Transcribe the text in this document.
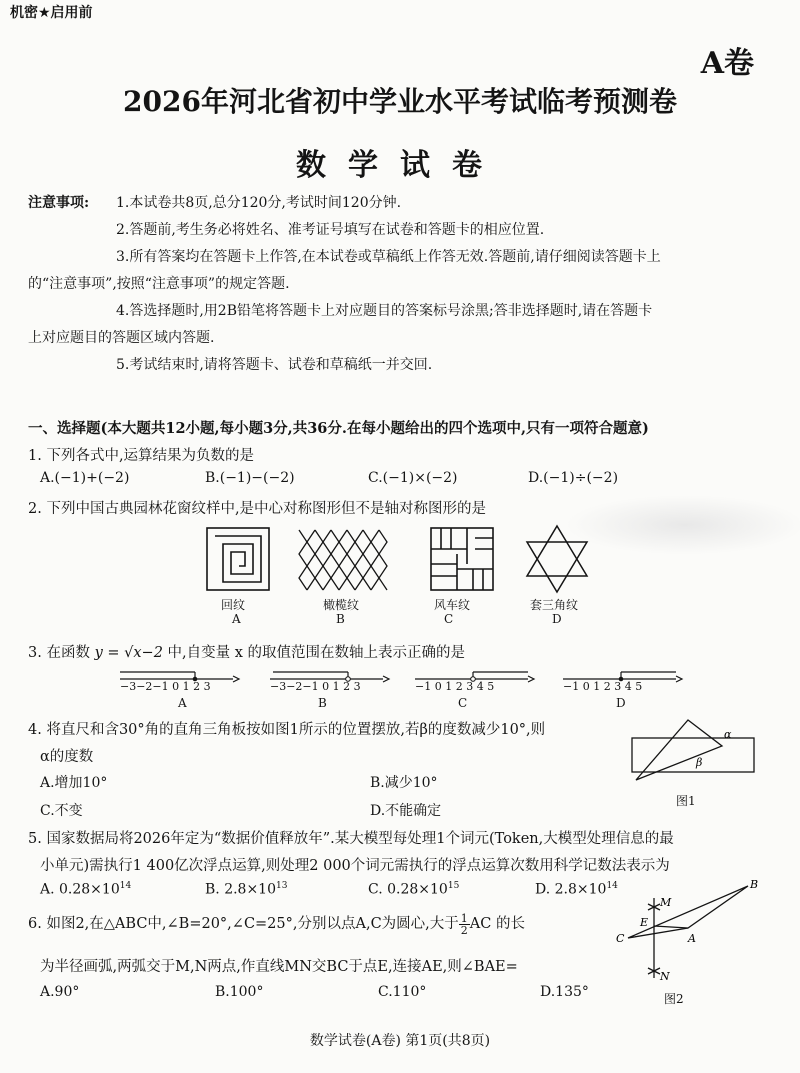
机密★启用前
A卷
2026年河北省初中学业水平考试临考预测卷
数学试卷
注意事项: 1.本试卷共8页,总分120分,考试时间120分钟.
2.答题前,考生务必将姓名、准考证号填写在试卷和答题卡的相应位置.
3.所有答案均在答题卡上作答,在本试卷或草稿纸上作答无效.答题前,请仔细阅读答题卡上
的“注意事项”,按照“注意事项”的规定答题.
4.答选择题时,用2B铅笔将答题卡上对应题目的答案标号涂黑;答非选择题时,请在答题卡
上对应题目的答题区域内答题.
5.考试结束时,请将答题卡、试卷和草稿纸一并交回.
一、选择题(本大题共12小题,每小题3分,共36分.在每小题给出的四个选项中,只有一项符合题意)
1. 下列各式中,运算结果为负数的是
A.(−1)+(−2)	B.(−1)−(−2)	C.(−1)×(−2)	D.(−1)÷(−2)
2. 下列中国古典园林花窗纹样中,是中心对称图形但不是轴对称图形的是
回纹	橄榄纹	风车纹	套三角纹
A	B	C	D
3. 在函数 y = √x−2 中,自变量 x 的取值范围在数轴上表示正确的是
−3−2−1 0 1 2 3	−3−2−1 0 1 2 3	−1 0 1 2 3 4 5	−1 0 1 2 3 4 5
A	B	C	D
4. 将直尺和含30°角的直角三角板按如图1所示的位置摆放,若β的度数减少10°,则
α的度数
A.增加10°	B.减少10°
C.不变	D.不能确定
α
β
图1
5. 国家数据局将2026年定为“数据价值释放年”.某大模型每处理1个词元(Token,大模型处理信息的最
小单元)需执行1 400亿次浮点运算,则处理2 000个词元需执行的浮点运算次数用科学记数法表示为
A. $0.28\times 10^{14}$	B. $2.8\times 10^{13}$	C. $0.28\times 10^{15}$	D. $2.8\times 10^{14}$
6. 如图2,在△ABC中,∠B=20°,∠C=25°,分别以点A,C为圆心,大于 $\frac{1}{2}$ AC 的长
为半径画弧,两弧交于M,N两点,作直线MN交BC于点E,连接AE,则∠BAE=
A.90°	B.100°	C.110°	D.135°
M
N
E
A
B
C
图2
数学试卷(A卷) 第1页(共8页)
